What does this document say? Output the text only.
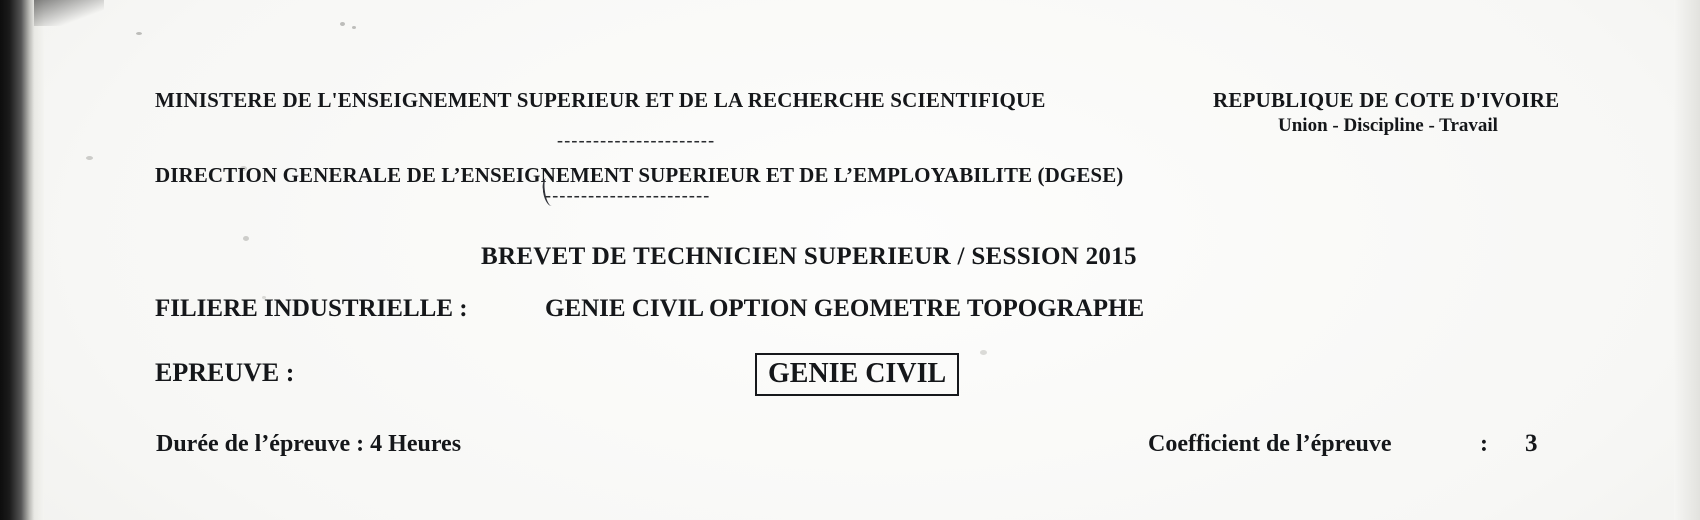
MINISTERE DE L'ENSEIGNEMENT SUPERIEUR ET DE LA RECHERCHE SCIENTIFIQUE	REPUBLIQUE DE COTE D'IVOIRE
Union - Discipline - Travail
----------------------
DIRECTION GENERALE DE L’ENSEIGNEMENT SUPERIEUR ET DE L’EMPLOYABILITE (DGESE)
-----------------------
BREVET DE TECHNICIEN SUPERIEUR / SESSION 2015
FILIERE INDUSTRIELLE :	GENIE CIVIL OPTION GEOMETRE TOPOGRAPHE
EPREUVE :	GENIE CIVIL
Durée de l’épreuve : 4 Heures	Coefficient de l’épreuve	: 3
